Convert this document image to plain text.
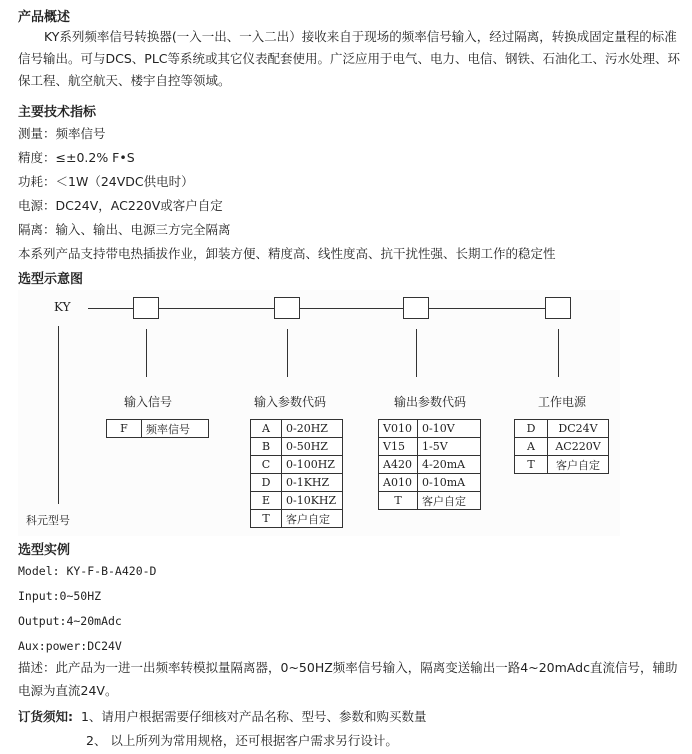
产品概述
KY系列频率信号转换器(一入一出、一入二出）接收来自于现场的频率信号输入，经过隔离，转换成固定量程的标准信号输出。可与DCS、PLC等系统或其它仪表配套使用。广泛应用于电气、电力、电信、钢铁、石油化工、污水处理、环保工程、航空航天、楼宇自控等领域。
主要技术指标
测量：频率信号
精度：≤±0.2% F•S
功耗：＜1W（24VDC供电时）
电源：DC24V，AC220V或客户自定
隔离：输入、输出、电源三方完全隔离
本系列产品支持带电热插拔作业，卸装方便、精度高、线性度高、抗干扰性强、长期工作的稳定性
选型示意图
KY
科元型号
输入信号
F	频率信号
输入参数代码
A	0-20HZ
B	0-50HZ
C	0-100HZ
D	0-1KHZ
E	0-10KHZ
T	客户自定
输出参数代码
V010	0-10V
V15	1-5V
A420	4-20mA
A010	0-10mA
T	客户自定
工作电源
D	DC24V
A	AC220V
T	客户自定
选型实例
Model: KY-F-B-A420-D
Input:0~50HZ
Output:4~20mAdc
Aux:power:DC24V
描述：此产品为一进一出频率转模拟量隔离器，0~50HZ频率信号输入，隔离变送输出一路4~20mAdc直流信号，辅助电源为直流24V。
订货须知: 1、请用户根据需要仔细核对产品名称、型号、参数和购买数量
2、 以上所列为常用规格，还可根据客户需求另行设计。
